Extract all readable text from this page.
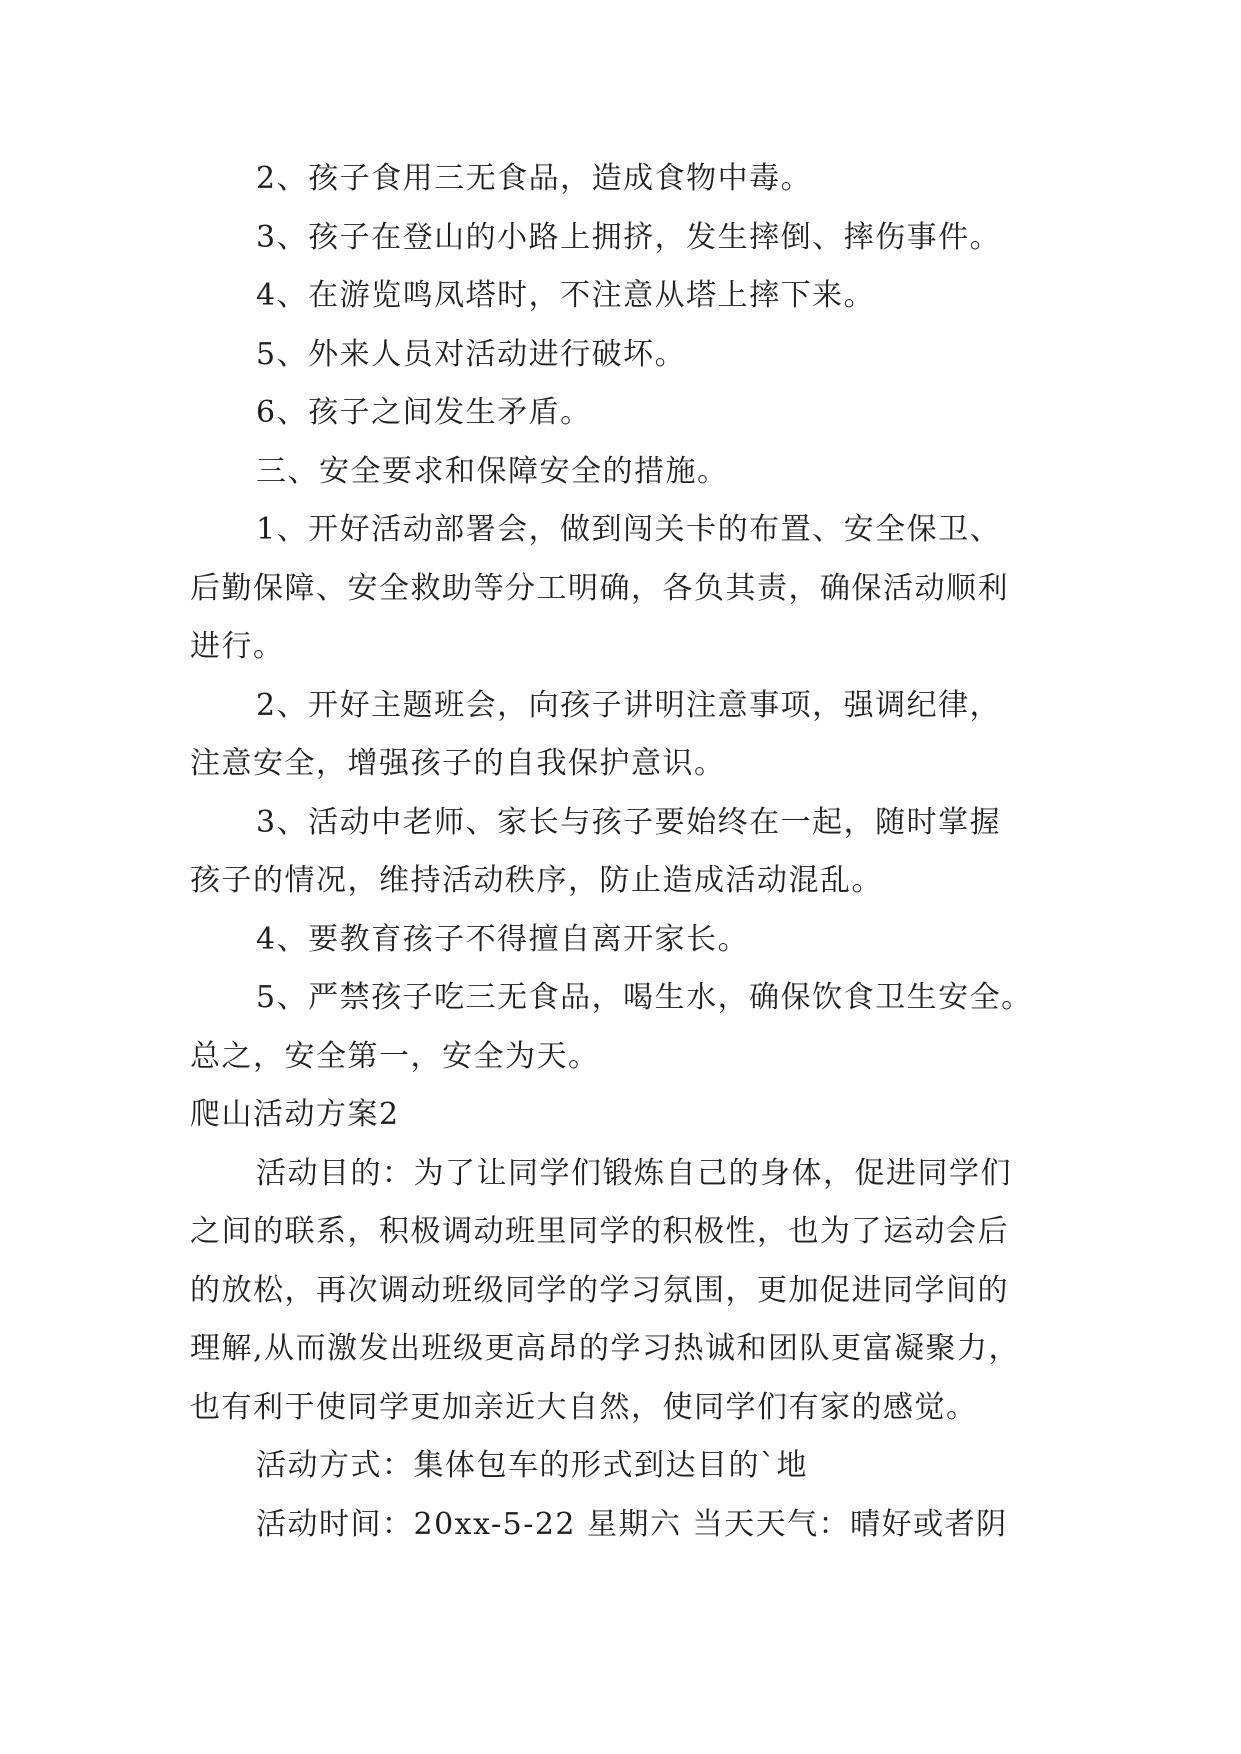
2、孩子食用三无食品，造成食物中毒。

3、孩子在登山的小路上拥挤，发生摔倒、摔伤事件。

4、在游览鸣凤塔时，不注意从塔上摔下来。

5、外来人员对活动进行破坏。

6、孩子之间发生矛盾。

三、安全要求和保障安全的措施。

1、开好活动部署会，做到闯关卡的布置、安全保卫、

后勤保障、安全救助等分工明确，各负其责，确保活动顺利

进行。

2、开好主题班会，向孩子讲明注意事项，强调纪律，

注意安全，增强孩子的自我保护意识。

3、活动中老师、家长与孩子要始终在一起，随时掌握

孩子的情况，维持活动秩序，防止造成活动混乱。

4、要教育孩子不得擅自离开家长。

5、严禁孩子吃三无食品，喝生水，确保饮食卫生安全。

总之，安全第一，安全为天。

爬山活动方案2

活动目的：为了让同学们锻炼自己的身体，促进同学们

之间的联系，积极调动班里同学的积极性，也为了运动会后

的放松，再次调动班级同学的学习氛围，更加促进同学间的

理解,从而激发出班级更高昂的学习热诚和团队更富凝聚力，

也有利于使同学更加亲近大自然，使同学们有家的感觉。

活动方式：集体包车的形式到达目的`地

活动时间：20xx-5-22 星期六 当天天气：晴好或者阴
